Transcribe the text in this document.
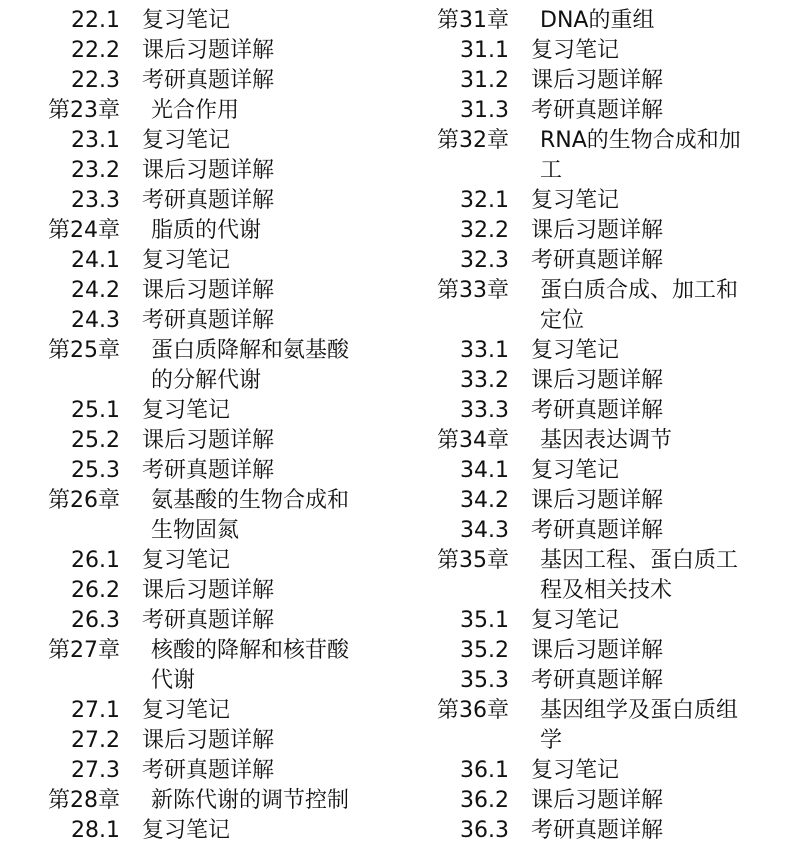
22.1 复习笔记
22.2 课后习题详解
22.3 考研真题详解
第23章 光合作用
23.1 复习笔记
23.2 课后习题详解
23.3 考研真题详解
第24章 脂质的代谢
24.1 复习笔记
24.2 课后习题详解
24.3 考研真题详解
第25章 蛋白质降解和氨基酸
的分解代谢
25.1 复习笔记
25.2 课后习题详解
25.3 考研真题详解
第26章 氨基酸的生物合成和
生物固氮
26.1 复习笔记
26.2 课后习题详解
26.3 考研真题详解
第27章 核酸的降解和核苷酸
代谢
27.1 复习笔记
27.2 课后习题详解
27.3 考研真题详解
第28章 新陈代谢的调节控制
28.1 复习笔记
第31章 DNA的重组
31.1 复习笔记
31.2 课后习题详解
31.3 考研真题详解
第32章 RNA的生物合成和加
工
32.1 复习笔记
32.2 课后习题详解
32.3 考研真题详解
第33章 蛋白质合成、加工和
定位
33.1 复习笔记
33.2 课后习题详解
33.3 考研真题详解
第34章 基因表达调节
34.1 复习笔记
34.2 课后习题详解
34.3 考研真题详解
第35章 基因工程、蛋白质工
程及相关技术
35.1 复习笔记
35.2 课后习题详解
35.3 考研真题详解
第36章 基因组学及蛋白质组
学
36.1 复习笔记
36.2 课后习题详解
36.3 考研真题详解
